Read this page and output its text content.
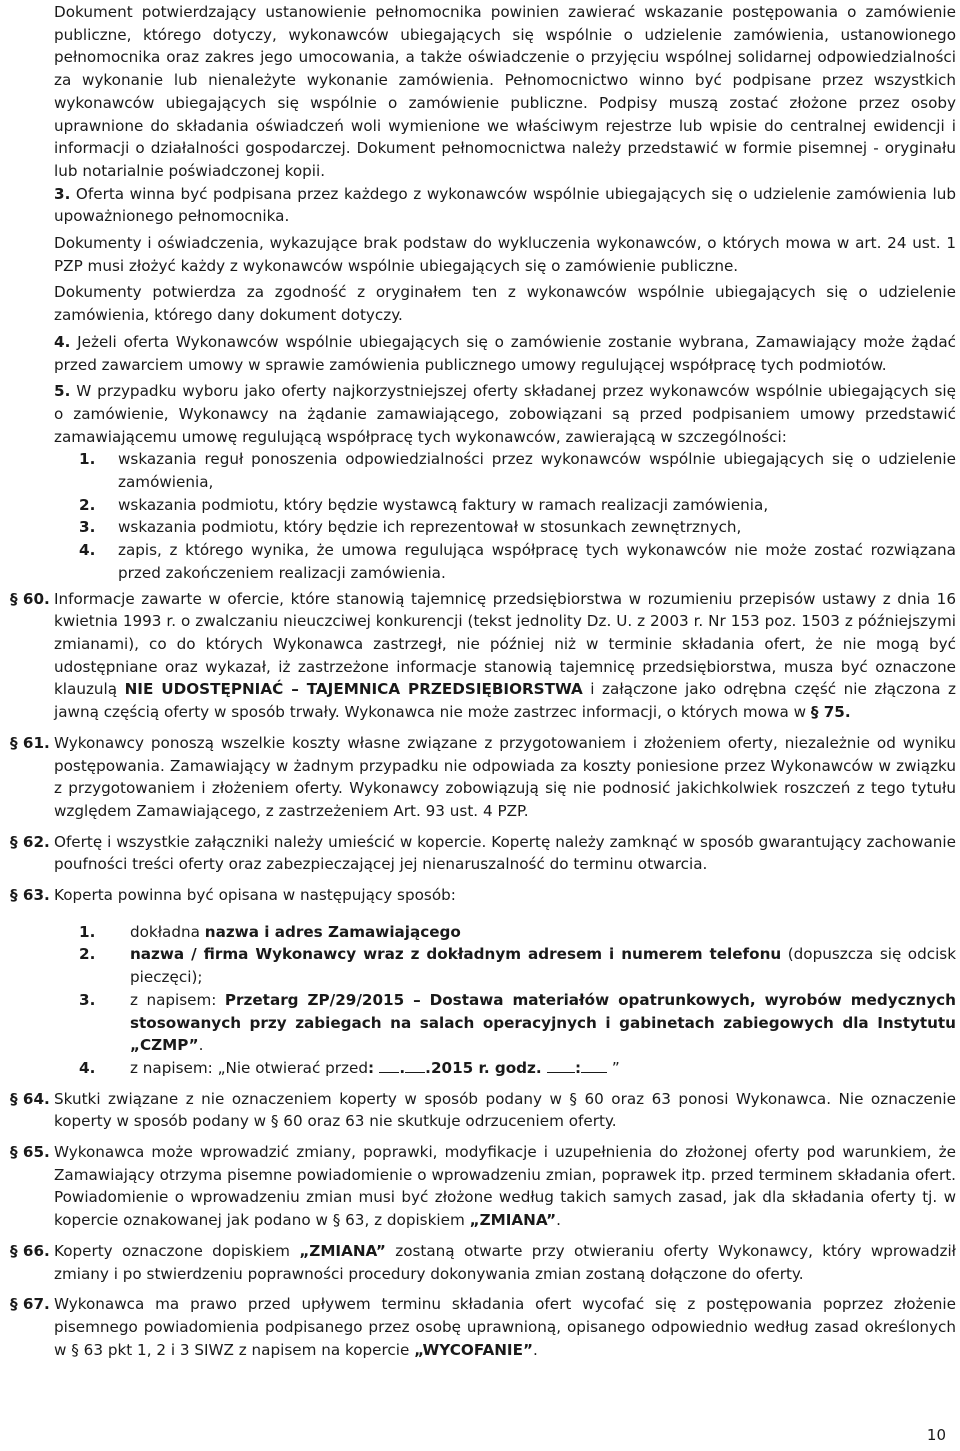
Dokument potwierdzający ustanowienie pełnomocnika powinien zawierać wskazanie postępowania o zamówienie publiczne, którego dotyczy, wykonawców ubiegających się wspólnie o udzielenie zamówienia, ustanowionego pełnomocnika oraz zakres jego umocowania, a także oświadczenie o przyjęciu wspólnej solidarnej odpowiedzialności za wykonanie lub nienależyte wykonanie zamówienia. Pełnomocnictwo winno być podpisane przez wszystkich wykonawców ubiegających się wspólnie o zamówienie publiczne. Podpisy muszą zostać złożone przez osoby uprawnione do składania oświadczeń woli wymienione we właściwym rejestrze lub wpisie do centralnej ewidencji i informacji o działalności gospodarczej. Dokument pełnomocnictwa należy przedstawić w formie pisemnej - oryginału lub notarialnie poświadczonej kopii.

3. Oferta winna być podpisana przez każdego z wykonawców wspólnie ubiegających się o udzielenie zamówienia lub upoważnionego pełnomocnika.

Dokumenty i oświadczenia, wykazujące brak podstaw do wykluczenia wykonawców, o których mowa w art. 24 ust. 1 PZP musi złożyć każdy z wykonawców wspólnie ubiegających się o zamówienie publiczne.

Dokumenty potwierdza za zgodność z oryginałem ten z wykonawców wspólnie ubiegających się o udzielenie zamówienia, którego dany dokument dotyczy.

4. Jeżeli oferta Wykonawców wspólnie ubiegających się o zamówienie zostanie wybrana, Zamawiający może żądać przed zawarciem umowy w sprawie zamówienia publicznego umowy regulującej współpracę tych podmiotów.

5. W przypadku wyboru jako oferty najkorzystniejszej oferty składanej przez wykonawców wspólnie ubiegających się o zamówienie, Wykonawcy na żądanie zamawiającego, zobowiązani są przed podpisaniem umowy przedstawić zamawiającemu umowę regulującą współpracę tych wykonawców, zawierającą w szczególności:

1. wskazania reguł ponoszenia odpowiedzialności przez wykonawców wspólnie ubiegających się o udzielenie zamówienia,
2. wskazania podmiotu, który będzie wystawcą faktury w ramach realizacji zamówienia,
3. wskazania podmiotu, który będzie ich reprezentował w stosunkach zewnętrznych,
4. zapis, z którego wynika, że umowa regulująca współpracę tych wykonawców nie może zostać rozwiązana przed zakończeniem realizacji zamówienia.
§ 60. Informacje zawarte w ofercie, które stanowią tajemnicę przedsiębiorstwa w rozumieniu przepisów ustawy z dnia 16 kwietnia 1993 r. o zwalczaniu nieuczciwej konkurencji (tekst jednolity Dz. U. z 2003 r. Nr 153 poz. 1503 z późniejszymi zmianami), co do których Wykonawca zastrzegł, nie później niż w terminie składania ofert, że nie mogą być udostępniane oraz wykazał, iż zastrzeżone informacje stanowią tajemnicę przedsiębiorstwa, musza być oznaczone klauzulą NIE UDOSTĘPNIAĆ – TAJEMNICA PRZEDSIĘBIORSTWA i załączone jako odrębna część nie złączona z jawną częścią oferty w sposób trwały. Wykonawca nie może zastrzec informacji, o których mowa w § 75.
§ 61. Wykonawcy ponoszą wszelkie koszty własne związane z przygotowaniem i złożeniem oferty, niezależnie od wyniku postępowania. Zamawiający w żadnym przypadku nie odpowiada za koszty poniesione przez Wykonawców w związku z przygotowaniem i złożeniem oferty. Wykonawcy zobowiązują się nie podnosić jakichkolwiek roszczeń z tego tytułu względem Zamawiającego, z zastrzeżeniem Art. 93 ust. 4 PZP.
§ 62. Ofertę i wszystkie załączniki należy umieścić w kopercie. Kopertę należy zamknąć w sposób gwarantujący zachowanie poufności treści oferty oraz zabezpieczającej jej nienaruszalność do terminu otwarcia.
§ 63. Koperta powinna być opisana w następujący sposób:
1. dokładna nazwa i adres Zamawiającego
2. nazwa / firma Wykonawcy wraz z dokładnym adresem i numerem telefonu (dopuszcza się odcisk pieczęci);
3. z napisem: Przetarg ZP/29/2015 – Dostawa materiałów opatrunkowych, wyrobów medycznych stosowanych przy zabiegach na salach operacyjnych i gabinetach zabiegowych dla Instytutu „CZMP”.
4. z napisem: „Nie otwierać przed: . .2015 r. godz. : ”
§ 64. Skutki związane z nie oznaczeniem koperty w sposób podany w § 60 oraz 63 ponosi Wykonawca. Nie oznaczenie koperty w sposób podany w § 60 oraz 63 nie skutkuje odrzuceniem oferty.
§ 65. Wykonawca może wprowadzić zmiany, poprawki, modyfikacje i uzupełnienia do złożonej oferty pod warunkiem, że Zamawiający otrzyma pisemne powiadomienie o wprowadzeniu zmian, poprawek itp. przed terminem składania ofert. Powiadomienie o wprowadzeniu zmian musi być złożone według takich samych zasad, jak dla składania oferty tj. w kopercie oznakowanej jak podano w § 63, z dopiskiem „ZMIANA”.
§ 66. Koperty oznaczone dopiskiem „ZMIANA” zostaną otwarte przy otwieraniu oferty Wykonawcy, który wprowadził zmiany i po stwierdzeniu poprawności procedury dokonywania zmian zostaną dołączone do oferty.
§ 67. Wykonawca ma prawo przed upływem terminu składania ofert wycofać się z postępowania poprzez złożenie pisemnego powiadomienia podpisanego przez osobę uprawnioną, opisanego odpowiednio według zasad określonych w § 63 pkt 1, 2 i 3 SIWZ z napisem na kopercie „WYCOFANIE”.
10
